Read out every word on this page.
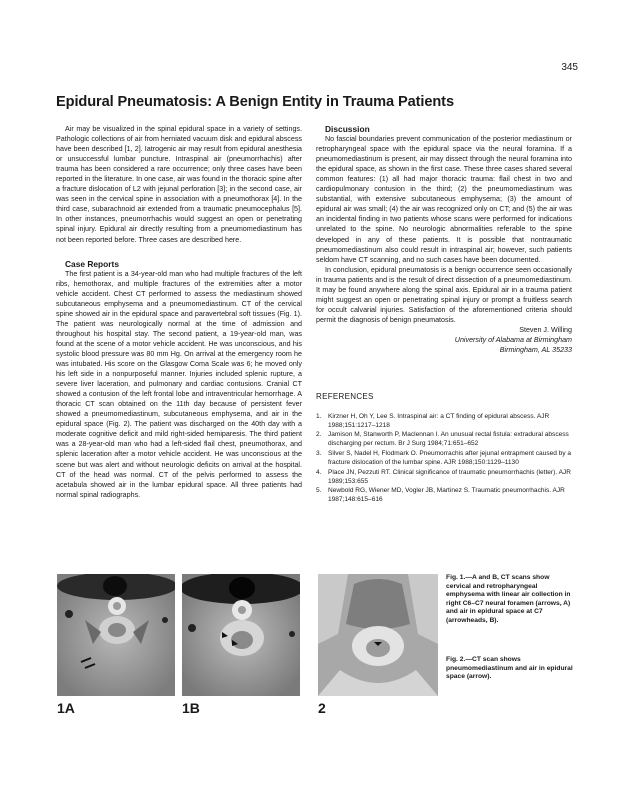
345
Epidural Pneumatosis: A Benign Entity in Trauma Patients

Air may be visualized in the spinal epidural space in a variety of settings. Pathologic collections of air from herniated vacuum disk and epidural abscess have been described [1, 2]. Iatrogenic air may result from epidural anesthesia or unsuccessful lumbar puncture. Intraspinal air (pneumorrhachis) after trauma has been considered a rare occurrence; only three cases have been reported in the literature. In one case, air was found in the thoracic spine after a fracture dislocation of L2 with jejunal perforation [3]; in the second case, air was seen in the cervical spine in association with a pneumothorax [4]. In the third case, subarachnoid air extended from a traumatic pneumocephalus [5]. In other instances, pneumorrhachis would suggest an open or penetrating spinal injury. Epidural air directly resulting from a pneumomediastinum has not been reported before. Three cases are described here.

Case Reports

The first patient is a 34-year-old man who had multiple fractures of the left ribs, hemothorax, and multiple fractures of the extremities after a motor vehicle accident. Chest CT performed to assess the mediastinum showed subcutaneous emphysema and a pneumomediastinum. CT of the cervical spine showed air in the epidural space and paravertebral soft tissues (Fig. 1). The patient was neurologically normal at the time of admission and throughout his hospital stay. The second patient, a 19-year-old man, was found at the scene of a motor vehicle accident. He was unconscious, and his systolic blood pressure was 80 mm Hg. On arrival at the emergency room he was intubated. His score on the Glasgow Coma Scale was 6; he moved only his left side in a nonpurposeful manner. Injuries included splenic rupture, a severe liver laceration, and pulmonary and cardiac contusions. Cranial CT showed a contusion of the left frontal lobe and intraventricular hemorrhage. A thoracic CT scan obtained on the 11th day because of persistent fever showed a pneumomediastinum, subcutaneous emphysema, and air in the epidural space (Fig. 2). The patient was discharged on the 40th day with a moderate cognitive deficit and mild right-sided hemiparesis. The third patient was a 28-year-old man who had a left-sided flail chest, pneumothorax, and splenic laceration after a motor vehicle accident. He was unconscious at the scene but was alert and without neurologic deficits on arrival at the hospital. CT of the head was normal. CT of the pelvis performed to assess the acetabula showed air in the lumbar epidural space. All three patients had normal spinal radiographs.

Discussion

No fascial boundaries prevent communication of the posterior mediastinum or retropharyngeal space with the epidural space via the neural foramina. If a pneumomediastinum is present, air may dissect through the neural foramina into the epidural space, as shown in the first case. These three cases shared several common features: (1) all had major thoracic trauma: flail chest in two and cardiopulmonary contusion in the third; (2) the pneumomediastinum was substantial, with extensive subcutaneous emphysema; (3) the amount of epidural air was small; (4) the air was recognized only on CT; and (5) the air was an incidental finding in two patients whose scans were performed for indications unrelated to the spine. No neurologic abnormalities referable to the spine developed in any of these patients. It is possible that nontraumatic pneumomediastinum also could result in intraspinal air; however, such patients seldom have CT scanning, and no such cases have been documented.

In conclusion, epidural pneumatosis is a benign occurrence seen occasionally in trauma patients and is the result of direct dissection of a pneumomediastinum. It may be found anywhere along the spinal axis. Epidural air in a trauma patient might suggest an open or penetrating spinal injury or prompt a fruitless search for occult calvarial injuries. Satisfaction of the aforementioned criteria should permit the diagnosis of benign pneumatosis.

Steven J. Willing
University of Alabama at Birmingham
Birmingham, AL 35233

REFERENCES

1. Kirzner H, Oh Y, Lee S. Intraspinal air: a CT finding of epidural abscess. AJR 1988;151:1217–1218
2. Jamison M, Stanworth P, Maclennan I. An unusual rectal fistula: extradural abscess discharging per rectum. Br J Surg 1984;71:651–652
3. Silver S, Nadel H, Flodmark O. Pneumorrachis after jejunal entrapment caused by a fracture dislocation of the lumbar spine. AJR 1988;150:1129–1130
4. Place JN, Pezzuti RT. Clinical significance of traumatic pneumorrhachis (letter). AJR 1989;153:655
5. Newbold RG, Wiener MD, Vogler JB, Martinez S. Traumatic pneumorrhachis. AJR 1987;148:615–616
1A	1B	2
Fig. 1.—A and B, CT scans show cervical and retropharyngeal emphysema with linear air collection in right C6–C7 neural foramen (arrows, A) and air in epidural space at C7 (arrowheads, B).
Fig. 2.—CT scan shows pneumomediastinum and air in epidural space (arrow).
